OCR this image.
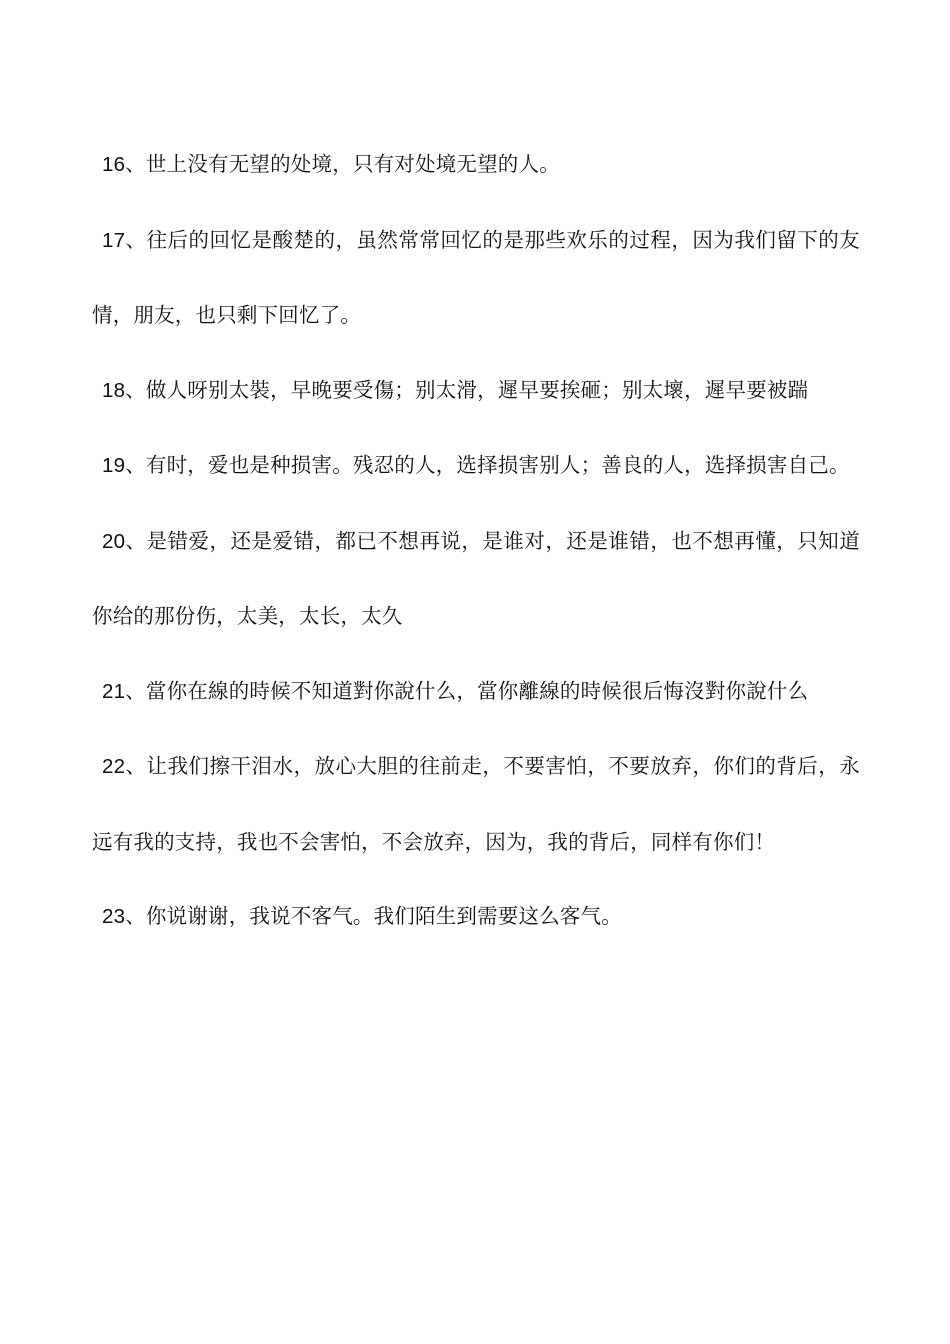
16、世上没有无望的处境，只有对处境无望的人。

17、往后的回忆是酸楚的，虽然常常回忆的是那些欢乐的过程，因为我们留下的友情，朋友，也只剩下回忆了。

18、做人呀别太裝，早晚要受傷；别太滑，遲早要挨砸；别太壞，遲早要被踹

19、有时，爱也是种损害。残忍的人，选择损害别人；善良的人，选择损害自己。

20、是错爱，还是爱错，都已不想再说，是谁对，还是谁错，也不想再懂，只知道你给的那份伤，太美，太长，太久

21、當你在線的時候不知道對你說什么，當你離線的時候很后悔沒對你說什么

22、让我们擦干泪水，放心大胆的往前走，不要害怕，不要放弃，你们的背后，永远有我的支持，我也不会害怕，不会放弃，因为，我的背后，同样有你们！

23、你说谢谢，我说不客气。我们陌生到需要这么客气。
